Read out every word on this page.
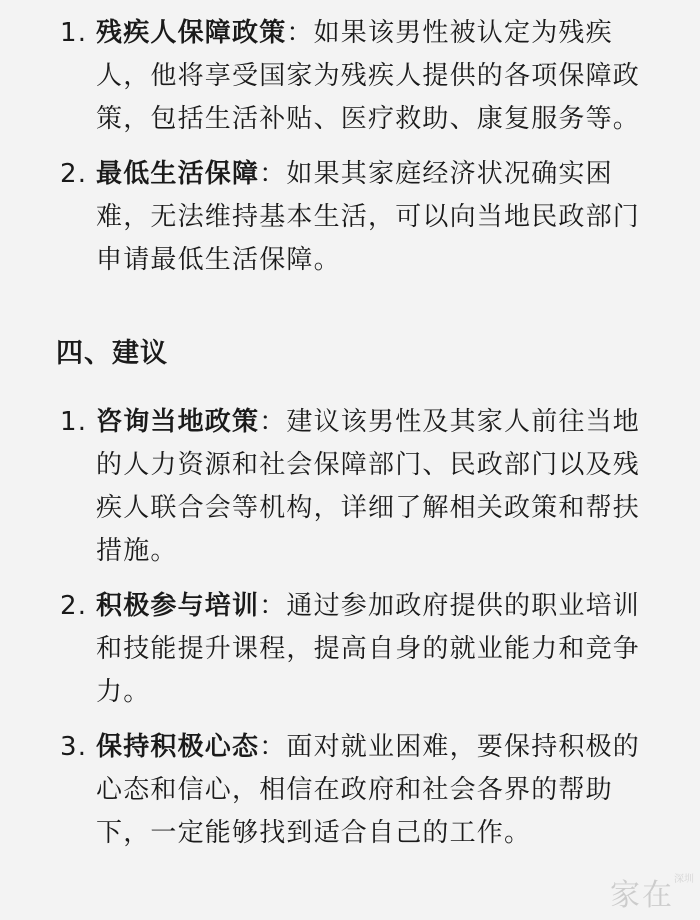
1. 残疾人保障政策：如果该男性被认定为残疾人，他将享受国家为残疾人提供的各项保障政策，包括生活补贴、医疗救助、康复服务等。
2. 最低生活保障：如果其家庭经济状况确实困难，无法维持基本生活，可以向当地民政部门申请最低生活保障。
四、建议
1. 咨询当地政策：建议该男性及其家人前往当地的人力资源和社会保障部门、民政部门以及残疾人联合会等机构，详细了解相关政策和帮扶措施。
2. 积极参与培训：通过参加政府提供的职业培训和技能提升课程，提高自身的就业能力和竞争力。
3. 保持积极心态：面对就业困难，要保持积极的心态和信心，相信在政府和社会各界的帮助下，一定能够找到适合自己的工作。
家在$^{深圳}$
